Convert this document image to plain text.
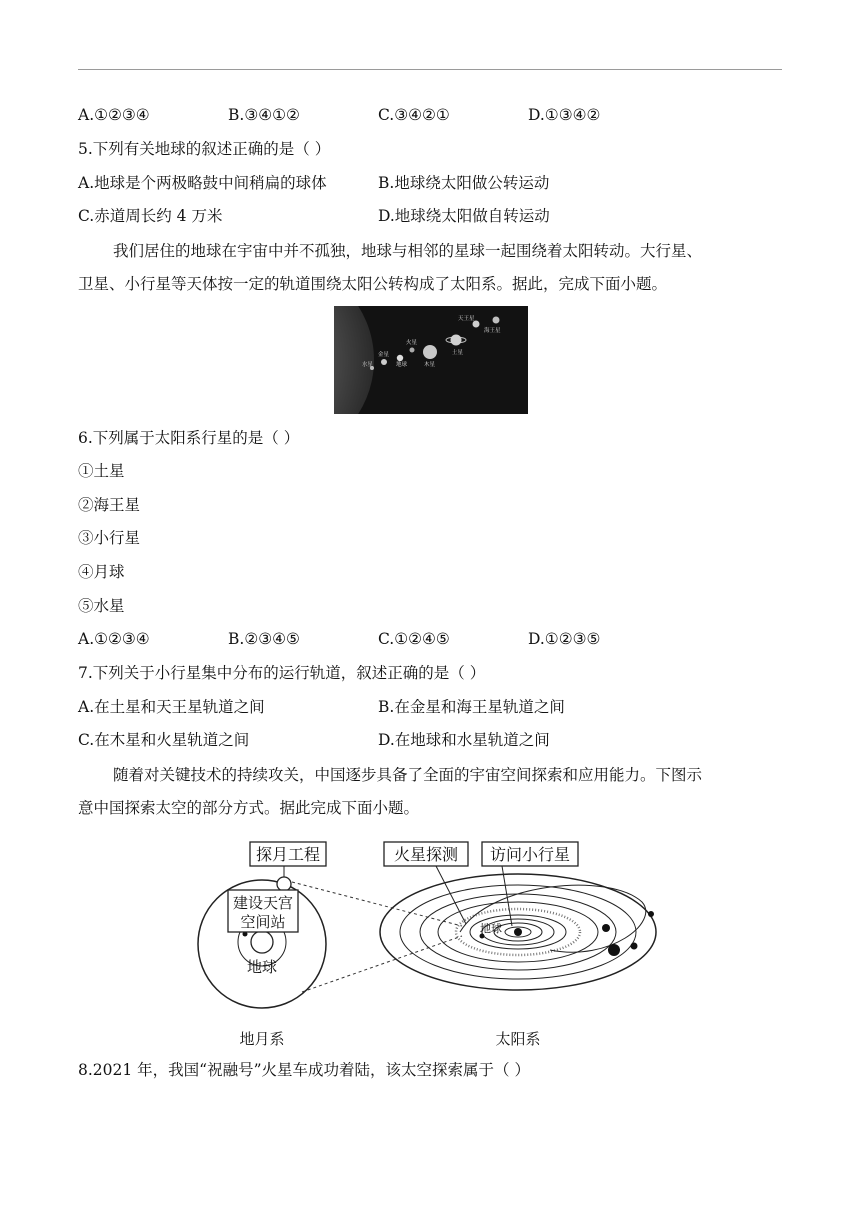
A.①②③④	B.③④①②	C.③④②①	D.①③④②
5.下列有关地球的叙述正确的是（ ）
A.地球是个两极略鼓中间稍扁的球体	B.地球绕太阳做公转运动
C.赤道周长约 4 万米	D.地球绕太阳做自转运动
我们居住的地球在宇宙中并不孤独，地球与相邻的星球一起围绕着太阳转动。大行星、
卫星、小行星等天体按一定的轨道围绕太阳公转构成了太阳系。据此，完成下面小题。
水星
金星
地球
火星
木星
土星
天王星
海王星
6.下列属于太阳系行星的是（ ）
①土星
②海王星
③小行星
④月球
⑤水星
A.①②③④	B.②③④⑤	C.①②④⑤	D.①②③⑤
7.下列关于小行星集中分布的运行轨道，叙述正确的是（ ）
A.在土星和天王星轨道之间	B.在金星和海王星轨道之间
C.在木星和火星轨道之间	D.在地球和水星轨道之间
随着对关键技术的持续攻关，中国逐步具备了全面的宇宙空间探索和应用能力。下图示
意中国探索太空的部分方式。据此完成下面小题。
探月工程
建设天宫
空间站
地球
地月系
地球
火星探测 访问小行星
太阳系
8.2021 年，我国“祝融号”火星车成功着陆，该太空探索属于（ ）
